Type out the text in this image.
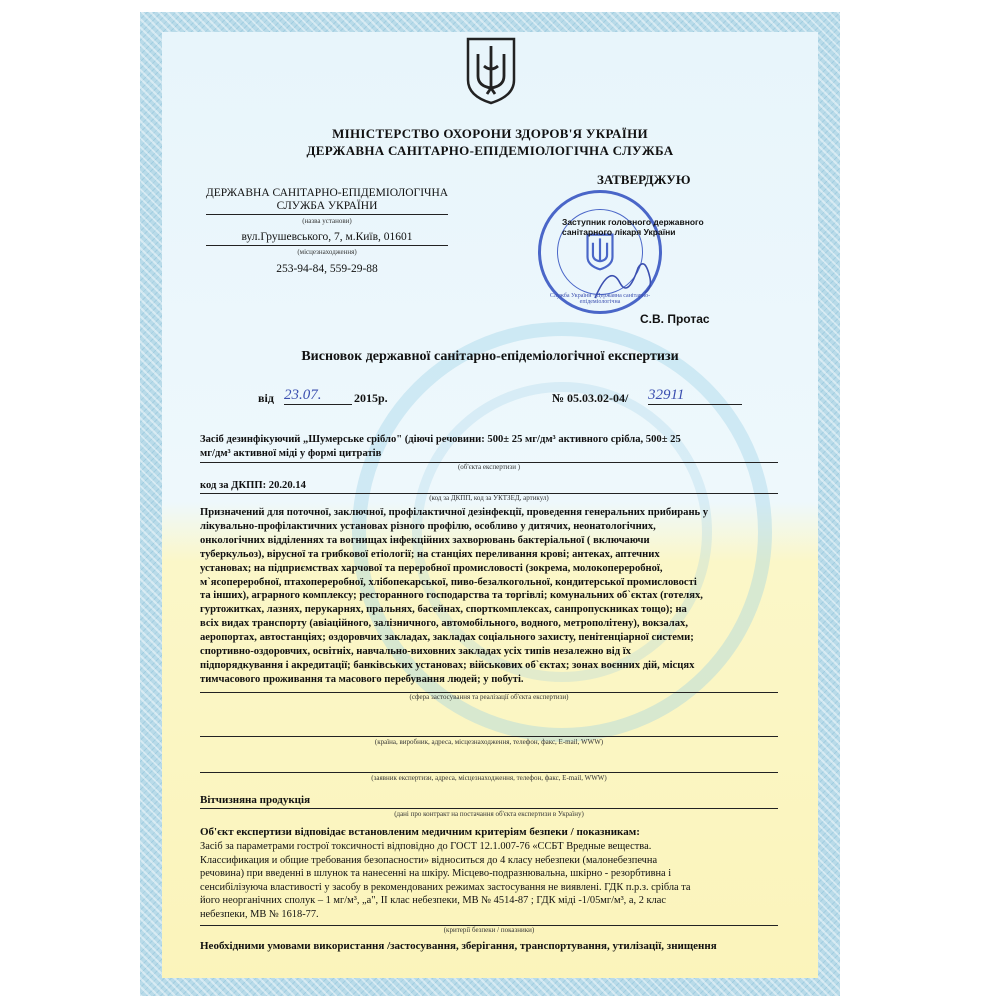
МІНІСТЕРСТВО ОХОРОНИ ЗДОРОВ'Я УКРАЇНИ
ДЕРЖАВНА САНІТАРНО-ЕПІДЕМІОЛОГІЧНА СЛУЖБА
ДЕРЖАВНА САНІТАРНО-ЕПІДЕМІОЛОГІЧНА
СЛУЖБА УКРАЇНИ
(назва установи)
вул.Грушевського, 7, м.Київ, 01601
(місцезнаходження)
253-94-84, 559-29-88
ЗАТВЕРДЖУЮ
Служба України · Державна санітарно-епідеміологічна
Заступник головного державного
санітарного лікаря України
С.В. Протас
Висновок державної санітарно-епідеміологічної експертизи
від 23.07.	2015р.	№ 05.03.02-04/ 32911
Засіб дезинфікуючий „Шумерське срібло" (діючі речовини: 500± 25 мг/дм³ активного срібла, 500± 25
мг/дм³ активної міді у формі цитратів
(об'єкта експертизи )
код за ДКПП: 20.20.14
(код за ДКПП, код за УКТЗЕД, артикул)
Призначений для поточної, заключної, профілактичної дезінфекції, проведення генеральних прибирань у
лікувально-профілактичних установах різного профілю, особливо у дитячих, неонатологічних,
онкологічних відділеннях та вогнищах інфекційних захворювань бактеріальної ( включаючи
туберкульоз), вірусної та грибкової етіології; на станціях переливання крові; антеках, аптечних
установах; на підприємствах харчової та переробної промисловості (зокрема, молокопереробної,
м`ясопереробної, птахопереробної, хлібопекарської, пиво-безалкогольної, кондитерської промисловості
та інших), аграрного комплексу; ресторанного господарства та торгівлі; комунальних об`єктах (готелях,
гуртожитках, лазнях, перукарнях, пральнях, басейнах, спорткомплексах, санпропускниках тощо); на
всіх видах транспорту (авіаційного, залізничного, автомобільного, водного, метрополітену), вокзалах,
аеропортах, автостанціях; оздоровчих закладах, закладах соціального захисту, пенітенціарної системи;
спортивно-оздоровчих, освітніх, навчально-виховних закладах усіх типів незалежно від їх
підпорядкування і акредитації; банківських установах; військових об`єктах; зонах воєнних дій, місцях
тимчасового проживання та масового перебування людей; у побуті.
(сфера застосування та реалізації об'єкта експертизи)
(країна, виробник, адреса, місцезнаходження, телефон, факс, E-mail, WWW)
(заявник експертизи, адреса, місцезнаходження, телефон, факс, E-mail, WWW)
Вітчизняна продукція
(дані про контракт на постачання об'єкта експертизи в Україну)
Об'єкт експертизи відповідає встановленим медичним критеріям безпеки / показникам:
Засіб за параметрами гострої токсичності відповідно до ГОСТ 12.1.007-76 «ССБТ Вредные вещества.
Классификация и общие требования безопасности» відноситься до 4 класу небезпеки (малонебезпечна
речовина) при введенні в шлунок та нанесенні на шкіру. Місцево-подразнювальна, шкірно - резорбтивна і
сенсибілізуюча властивості у засобу в рекомендованих режимах застосування не виявлені. ГДК п.р.з. срібла та
його неорганічних сполук – 1 мг/м³, „а", ІІ клас небезпеки, МВ № 4514-87 ; ГДК міді -1/05мг/м³, а, 2 клас
небезпеки, МВ № 1618-77.
(критерії безпеки / показники)
Необхідними умовами використання /застосування, зберігання, транспортування, утилізації, знищення
